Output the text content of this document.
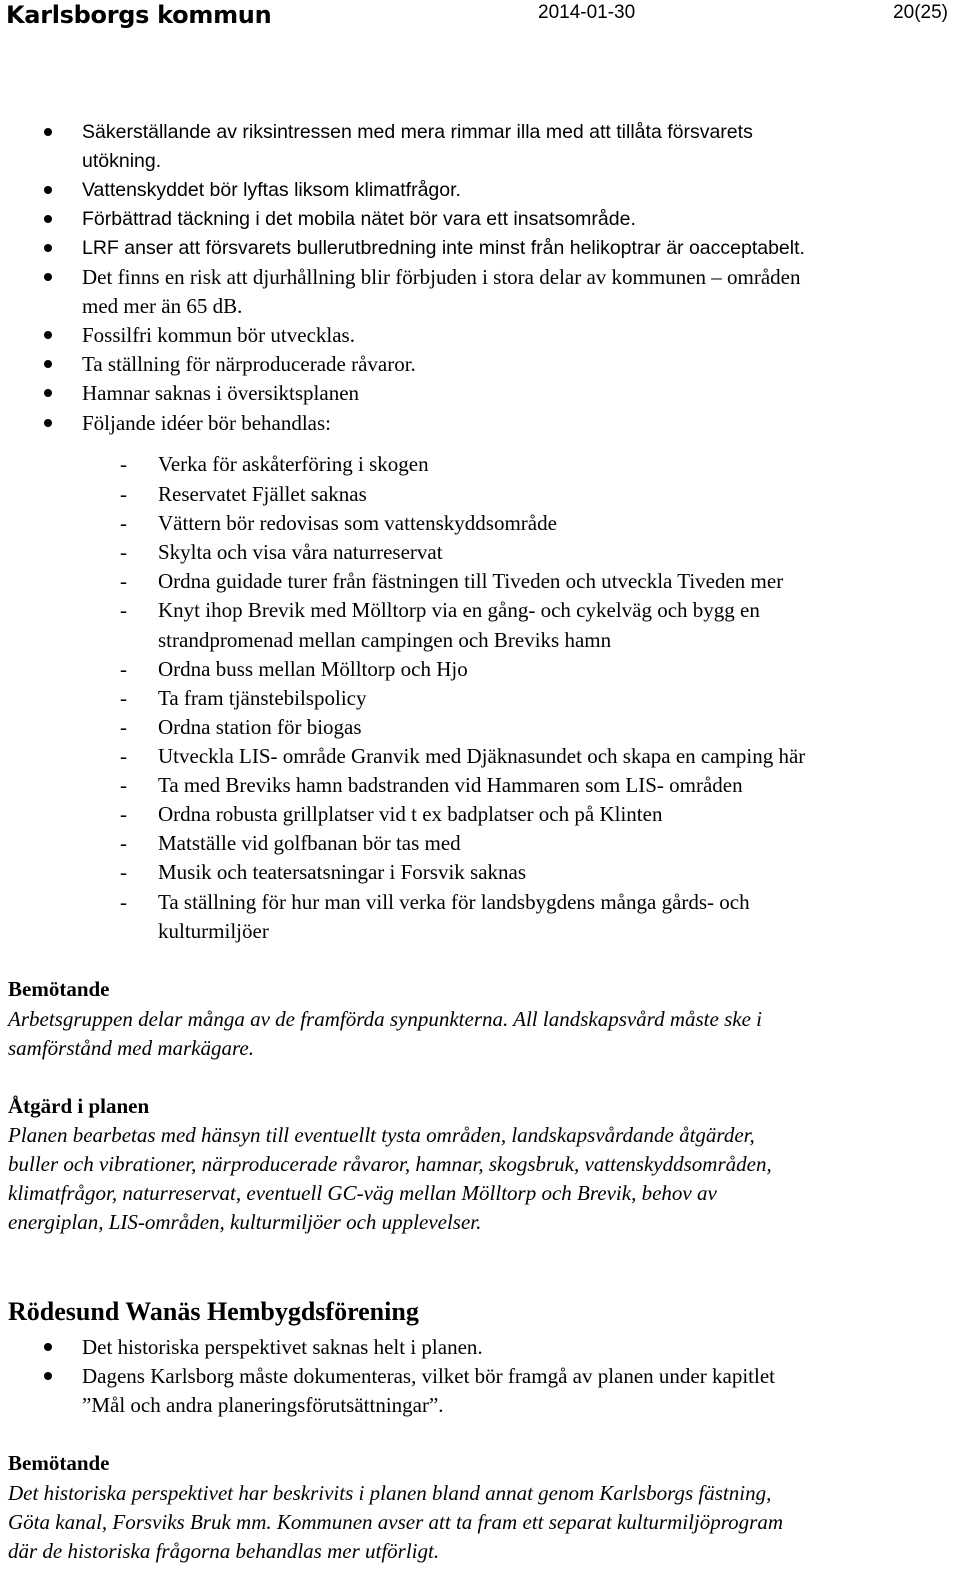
Karlsborgs kommun	2014-01-30	20(25)
Säkerställande av riksintressen med mera rimmar illa med att tillåta försvarets
utökning.
Vattenskyddet bör lyftas liksom klimatfrågor.
Förbättrad täckning i det mobila nätet bör vara ett insatsområde.
LRF anser att försvarets bullerutbredning inte minst från helikoptrar är oacceptabelt.
Det finns en risk att djurhållning blir förbjuden i stora delar av kommunen – områden
med mer än 65 dB.
Fossilfri kommun bör utvecklas.
Ta ställning för närproducerade råvaror.
Hamnar saknas i översiktsplanen
Följande idéer bör behandlas:
- Verka för askåterföring i skogen
- Reservatet Fjället saknas
- Vättern bör redovisas som vattenskyddsområde
- Skylta och visa våra naturreservat
- Ordna guidade turer från fästningen till Tiveden och utveckla Tiveden mer
- Knyt ihop Brevik med Mölltorp via en gång- och cykelväg och bygg en
strandpromenad mellan campingen och Breviks hamn
- Ordna buss mellan Mölltorp och Hjo
- Ta fram tjänstebilspolicy
- Ordna station för biogas
- Utveckla LIS- område Granvik med Djäknasundet och skapa en camping här
- Ta med Breviks hamn badstranden vid Hammaren som LIS- områden
- Ordna robusta grillplatser vid t ex badplatser och på Klinten
- Matställe vid golfbanan bör tas med
- Musik och teatersatsningar i Forsvik saknas
- Ta ställning för hur man vill verka för landsbygdens många gårds- och
kulturmiljöer
Bemötande
Arbetsgruppen delar många av de framförda synpunkterna. All landskapsvård måste ske i
samförstånd med markägare.
Åtgärd i planen
Planen bearbetas med hänsyn till eventuellt tysta områden, landskapsvårdande åtgärder,
buller och vibrationer, närproducerade råvaror, hamnar, skogsbruk, vattenskyddsområden,
klimatfrågor, naturreservat, eventuell GC-väg mellan Mölltorp och Brevik, behov av
energiplan, LIS-områden, kulturmiljöer och upplevelser.
Rödesund Wanäs Hembygdsförening
Det historiska perspektivet saknas helt i planen.
Dagens Karlsborg måste dokumenteras, vilket bör framgå av planen under kapitlet
”Mål och andra planeringsförutsättningar”.
Bemötande
Det historiska perspektivet har beskrivits i planen bland annat genom Karlsborgs fästning,
Göta kanal, Forsviks Bruk mm. Kommunen avser att ta fram ett separat kulturmiljöprogram
där de historiska frågorna behandlas mer utförligt.
